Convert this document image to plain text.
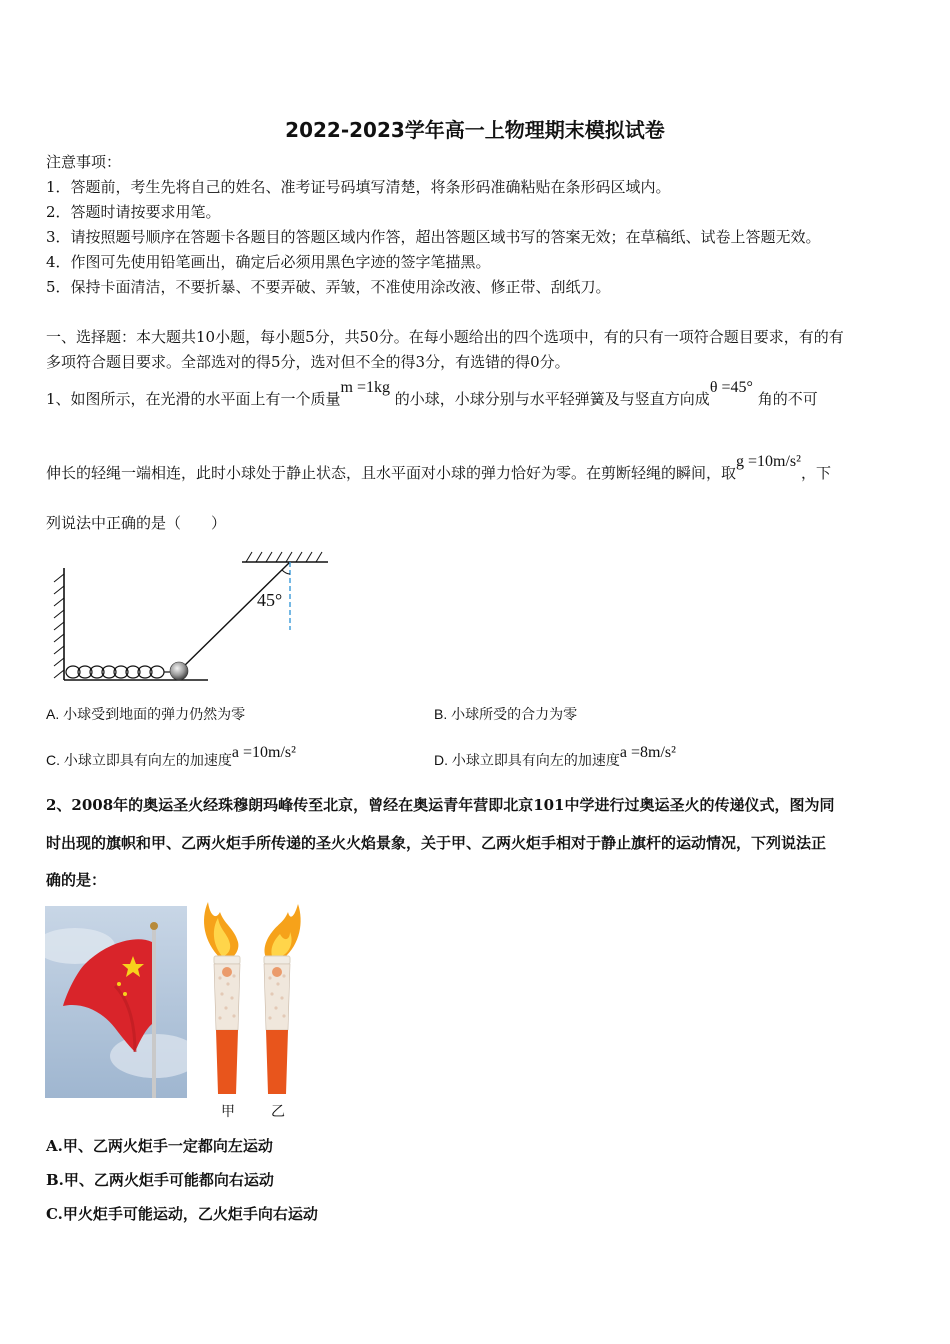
2022-2023学年高一上物理期末模拟试卷
注意事项：
1．答题前，考生先将自己的姓名、准考证号码填写清楚，将条形码准确粘贴在条形码区域内。
2．答题时请按要求用笔。
3．请按照题号顺序在答题卡各题目的答题区域内作答，超出答题区域书写的答案无效；在草稿纸、试卷上答题无效。
4．作图可先使用铅笔画出，确定后必须用黑色字迹的签字笔描黑。
5．保持卡面清洁，不要折暴、不要弄破、弄皱，不准使用涂改液、修正带、刮纸刀。
一、选择题：本大题共10小题，每小题5分，共50分。在每小题给出的四个选项中，有的只有一项符合题目要求，有的有
多项符合题目要求。全部选对的得5分，选对但不全的得3分，有选错的得0分。
1、如图所示，在光滑的水平面上有一个质量m =1kg 的小球，小球分别与水平轻弹簧及与竖直方向成θ =45° 角的不可
伸长的轻绳一端相连，此时小球处于静止状态，且水平面对小球的弹力恰好为零。在剪断轻绳的瞬间，取g =10m/s²，下
列说法中正确的是（　　）
45°
A. 小球受到地面的弹力仍然为零	B. 小球所受的合力为零
C. 小球立即具有向左的加速度a =10m/s²	D. 小球立即具有向左的加速度a =8m/s²
2、2008年的奥运圣火经珠穆朗玛峰传至北京，曾经在奥运青年营即北京101中学进行过奥运圣火的传递仪式，图为同
时出现的旗帜和甲、乙两火炬手所传递的圣火火焰景象，关于甲、乙两火炬手相对于静止旗杆的运动情况，下列说法正
确的是：
甲	乙
A.甲、乙两火炬手一定都向左运动
B.甲、乙两火炬手可能都向右运动
C.甲火炬手可能运动，乙火炬手向右运动
